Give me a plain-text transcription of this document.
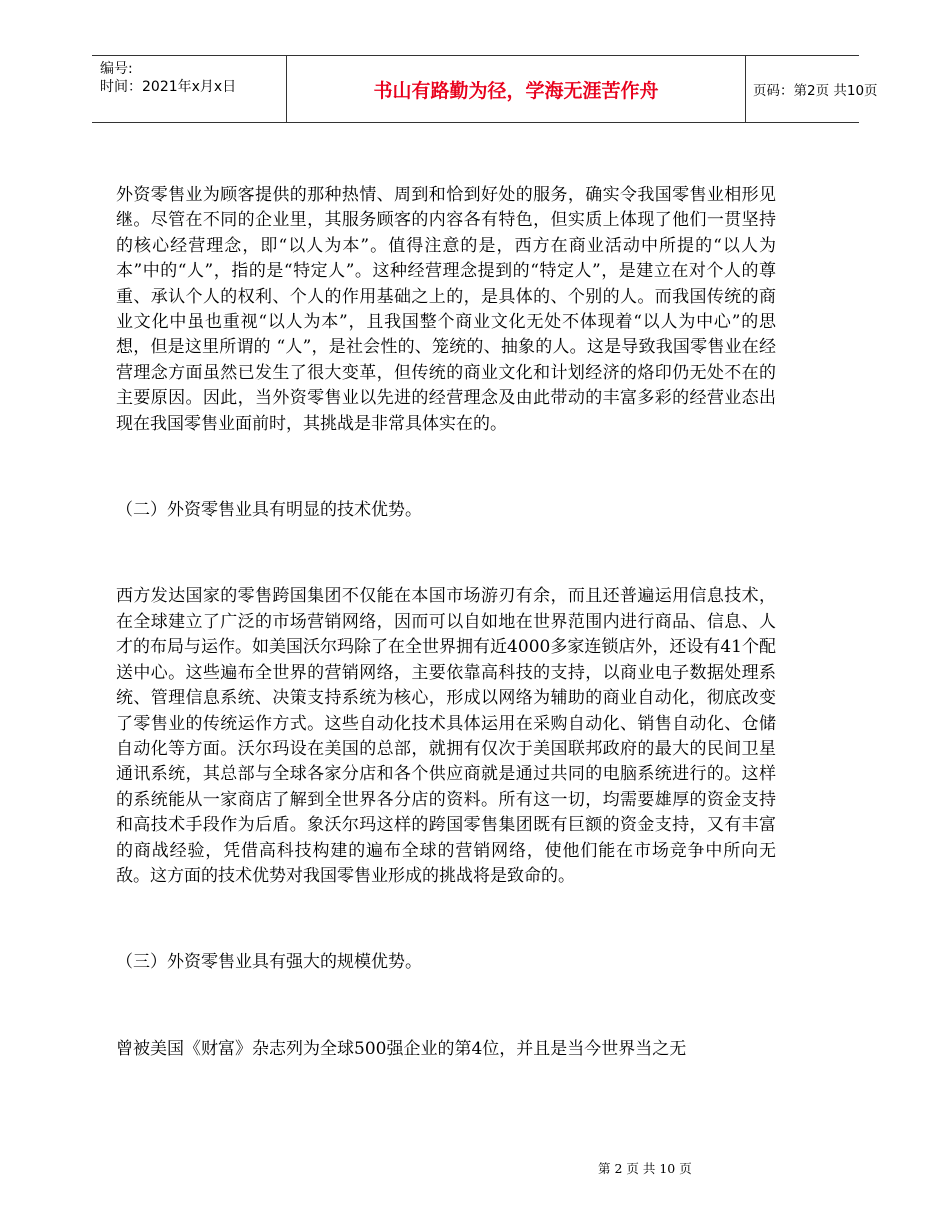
编号:
时间：2021年x月x日	书山有路勤为径，学海无涯苦作舟	页码：第2页 共10页

外资零售业为顾客提供的那种热情、周到和恰到好处的服务，确实令我国零售业相形见继。尽管在不同的企业里，其服务顾客的内容各有特色，但实质上体现了他们一贯坚持的核心经营理念，即“以人为本”。值得注意的是，西方在商业活动中所提的“以人为本”中的“人”，指的是“特定人”。这种经营理念提到的“特定人”，是建立在对个人的尊重、承认个人的权利、个人的作用基础之上的，是具体的、个别的人。而我国传统的商业文化中虽也重视“以人为本”，且我国整个商业文化无处不体现着“以人为中心”的思想，但是这里所谓的 “人”，是社会性的、笼统的、抽象的人。这是导致我国零售业在经营理念方面虽然已发生了很大变革，但传统的商业文化和计划经济的烙印仍无处不在的主要原因。因此，当外资零售业以先进的经营理念及由此带动的丰富多彩的经营业态出现在我国零售业面前时，其挑战是非常具体实在的。

（二）外资零售业具有明显的技术优势。

西方发达国家的零售跨国集团不仅能在本国市场游刃有余，而且还普遍运用信息技术，在全球建立了广泛的市场营销网络，因而可以自如地在世界范围内进行商品、信息、人才的布局与运作。如美国沃尔玛除了在全世界拥有近4000多家连锁店外，还设有41个配送中心。这些遍布全世界的营销网络，主要依靠高科技的支持，以商业电子数据处理系统、管理信息系统、决策支持系统为核心，形成以网络为辅助的商业自动化，彻底改变了零售业的传统运作方式。这些自动化技术具体运用在采购自动化、销售自动化、仓储自动化等方面。沃尔玛设在美国的总部，就拥有仅次于美国联邦政府的最大的民间卫星通讯系统，其总部与全球各家分店和各个供应商就是通过共同的电脑系统进行的。这样的系统能从一家商店了解到全世界各分店的资料。所有这一切，均需要雄厚的资金支持和高技术手段作为后盾。象沃尔玛这样的跨国零售集团既有巨额的资金支持，又有丰富的商战经验，凭借高科技构建的遍布全球的营销网络，使他们能在市场竞争中所向无敌。这方面的技术优势对我国零售业形成的挑战将是致命的。

（三）外资零售业具有强大的规模优势。

曾被美国《财富》杂志列为全球500强企业的第4位，并且是当今世界当之无

第 2 页 共 10 页
